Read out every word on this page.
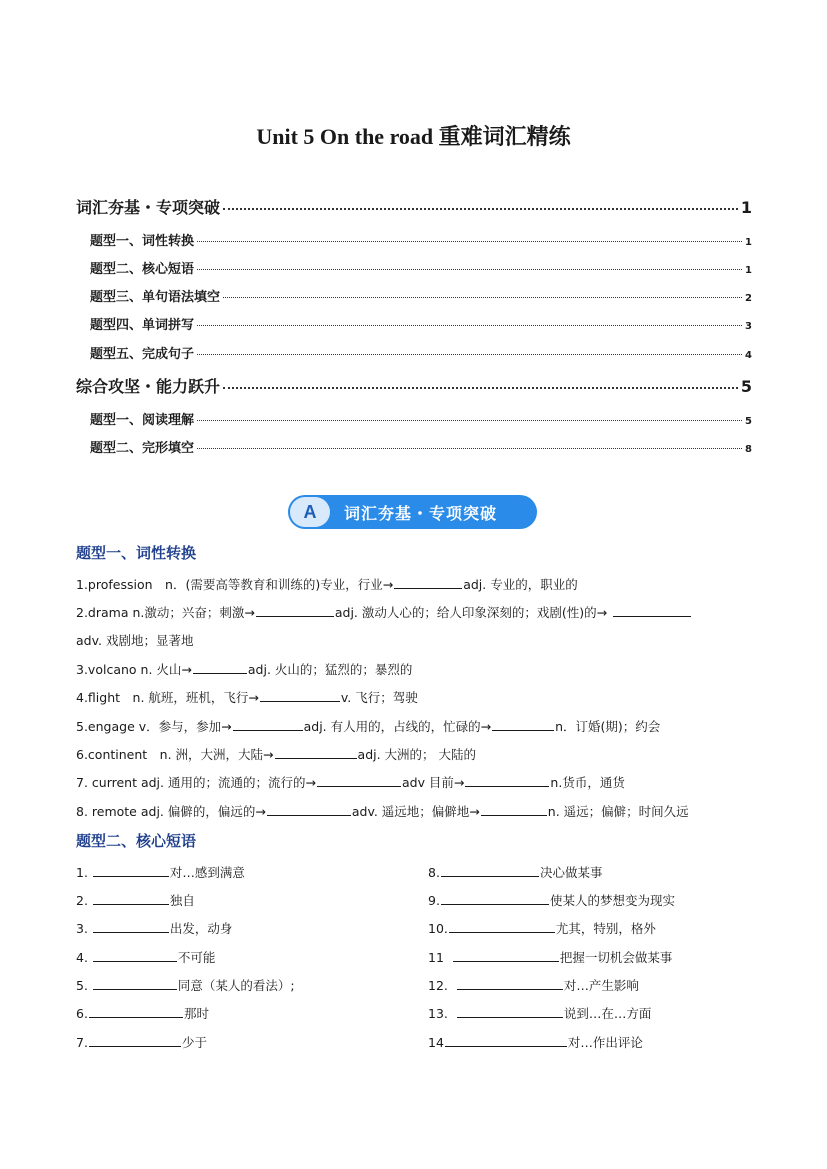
Unit 5 On the road 重难词汇精练
词汇夯基・专项突破	1
题型一、词性转换	1
题型二、核心短语	1
题型三、单句语法填空	2
题型四、单词拼写	3
题型五、完成句子	4
综合攻坚・能力跃升	5
题型一、阅读理解	5
题型二、完形填空	8
A	词汇夯基・专项突破
题型一、词性转换
1.profession　n．(需要高等教育和训练的)专业，行业→	adj. 专业的，职业的
2.drama n.激动；兴奋；刺激→	adj. 激动人心的；给人印象深刻的；戏剧(性)的→
adv. 戏剧地；显著地
3.volcano n. 火山→	adj. 火山的；猛烈的；暴烈的
4.flight　n. 航班，班机，飞行→	v. 飞行；驾驶
5.engage v．参与，参加→	adj. 有人用的，占线的，忙碌的→	n．订婚(期)；约会
6.continent　n. 洲，大洲，大陆→	adj. 大洲的； 大陆的
7. current adj. 通用的；流通的；流行的→	adv 目前→	n.货币，通货
8. remote adj. 偏僻的，偏远的→	adv. 遥远地；偏僻地→	n. 遥远；偏僻；时间久远
题型二、核心短语
1.	对…感到满意
2.	独自
3.	出发，动身
4.	不可能
5.	同意（某人的看法）;
6.	那时
7.	少于
8.	决心做某事
9.	使某人的梦想变为现实
10.	尤其，特别，格外
11	把握一切机会做某事
12.	对…产生影响
13.	说到…在…方面
14	对…作出评论
